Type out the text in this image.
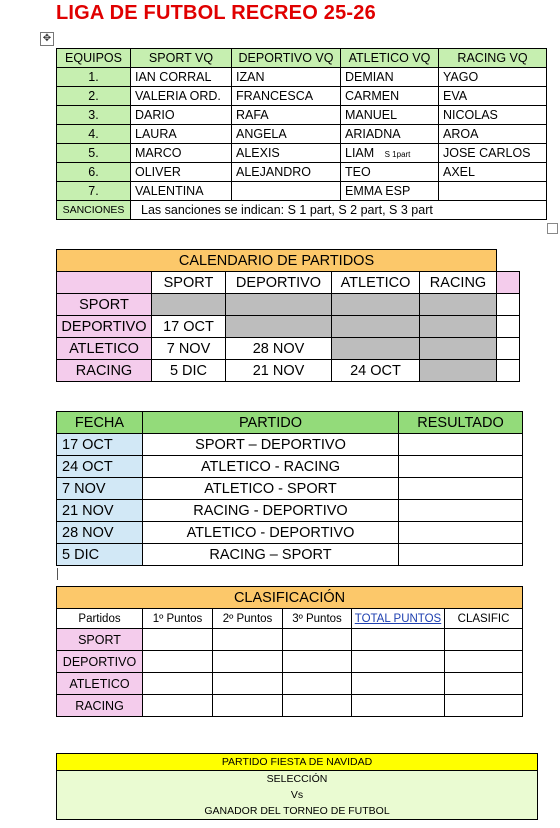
LIGA DE FUTBOL RECREO 25-26
✥
EQUIPOS	SPORT VQ	DEPORTIVO VQ	ATLETICO VQ	RACING VQ
1.	IAN CORRAL	IZAN	DEMIAN	YAGO
2.	VALERIA ORD.	FRANCESCA	CARMEN	EVA
3.	DARIO	RAFA	MANUEL	NICOLAS
4.	LAURA	ANGELA	ARIADNA	AROA
5.	MARCO	ALEXIS	LIAM S 1part	JOSE CARLOS
6.	OLIVER	ALEJANDRO	TEO	AXEL
7.	VALENTINA		EMMA ESP	
SANCIONES	Las sanciones se indican: S 1 part, S 2 part, S 3 part			
CALENDARIO DE PARTIDOS					
	SPORT	DEPORTIVO	ATLETICO	RACING	
SPORT					
DEPORTIVO	17 OCT				
ATLETICO	7 NOV	28 NOV			
RACING	5 DIC	21 NOV	24 OCT		
FECHA	PARTIDO	RESULTADO
17 OCT	SPORT – DEPORTIVO	
24 OCT	ATLETICO - RACING	
7 NOV	ATLETICO - SPORT	
21 NOV	RACING - DEPORTIVO	
28 NOV	ATLETICO - DEPORTIVO	
5 DIC	RACING – SPORT	
CLASIFICACIÓN					
Partidos	1º Puntos	2º Puntos	3º Puntos	TOTAL PUNTOS	CLASIFIC
SPORT					
DEPORTIVO					
ATLETICO					
RACING					
PARTIDO FIESTA DE NAVIDAD
SELECCIÓN
Vs
GANADOR DEL TORNEO DE FUTBOL
